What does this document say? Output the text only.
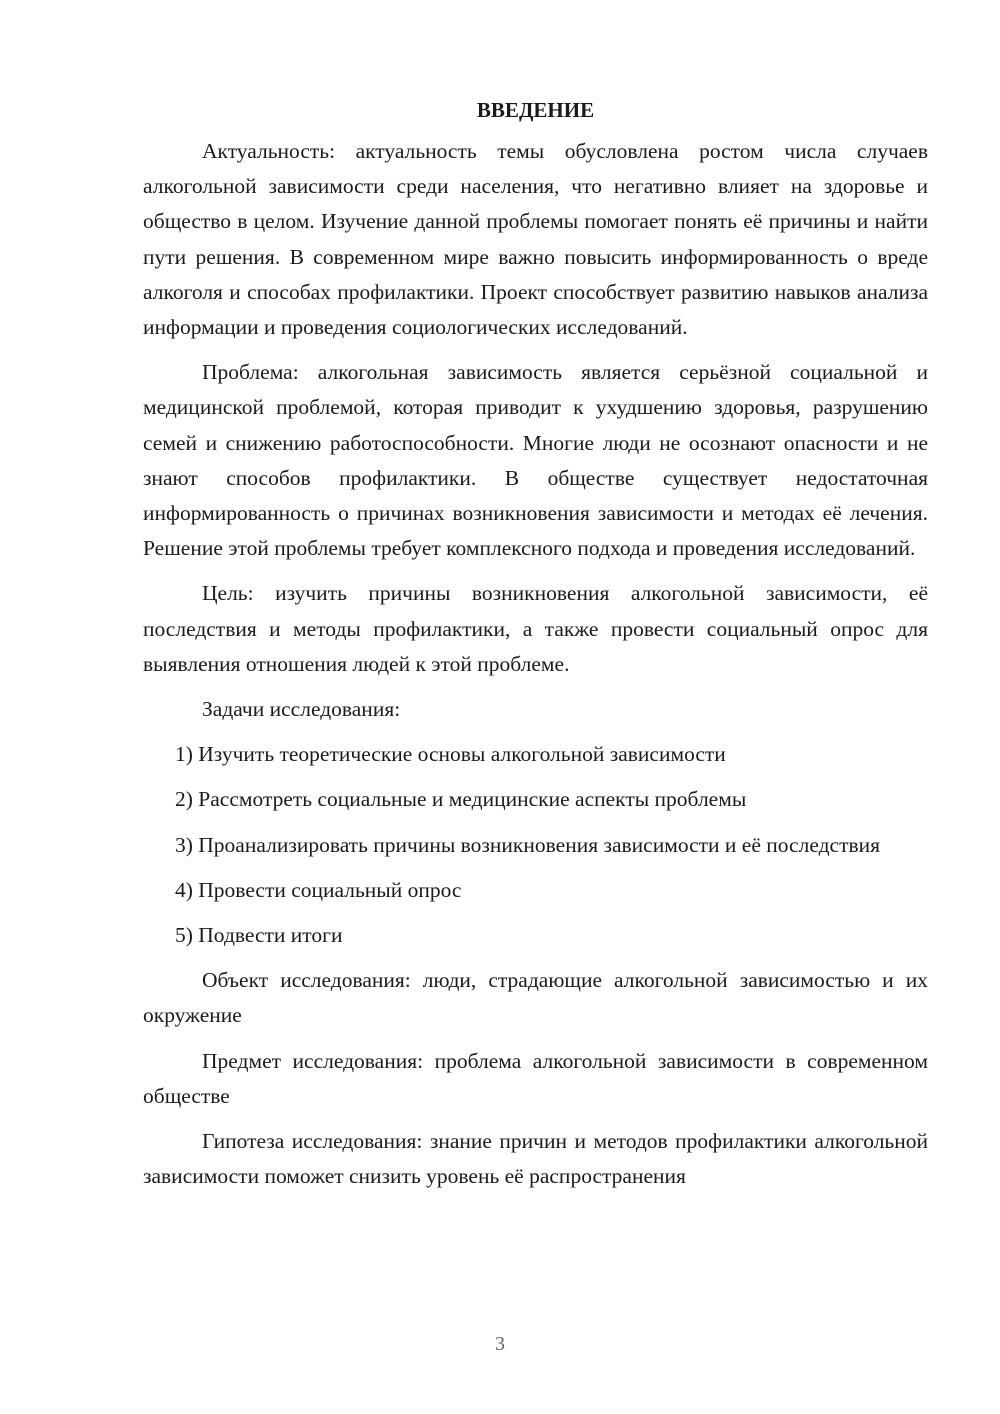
ВВЕДЕНИЕ

Актуальность: актуальность темы обусловлена ростом числа случаев алкогольной зависимости среди населения, что негативно влияет на здоровье и общество в целом. Изучение данной проблемы помогает понять её причины и найти пути решения. В современном мире важно повысить информированность о вреде алкоголя и способах профилактики. Проект способствует развитию навыков анализа информации и проведения социологических исследований.

Проблема: алкогольная зависимость является серьёзной социальной и медицинской проблемой, которая приводит к ухудшению здоровья, разрушению семей и снижению работоспособности. Многие люди не осознают опасности и не знают способов профилактики. В обществе существует недостаточная информированность о причинах возникновения зависимости и методах её лечения. Решение этой проблемы требует комплексного подхода и проведения исследований.

Цель: изучить причины возникновения алкогольной зависимости, её последствия и методы профилактики, а также провести социальный опрос для выявления отношения людей к этой проблеме.

Задачи исследования:

1) Изучить теоретические основы алкогольной зависимости

2) Рассмотреть социальные и медицинские аспекты проблемы

3) Проанализировать причины возникновения зависимости и её последствия

4) Провести социальный опрос

5) Подвести итоги

Объект исследования: люди, страдающие алкогольной зависимостью и их окружение

Предмет исследования: проблема алкогольной зависимости в современном обществе

Гипотеза исследования: знание причин и методов профилактики алкогольной зависимости поможет снизить уровень её распространения

3
